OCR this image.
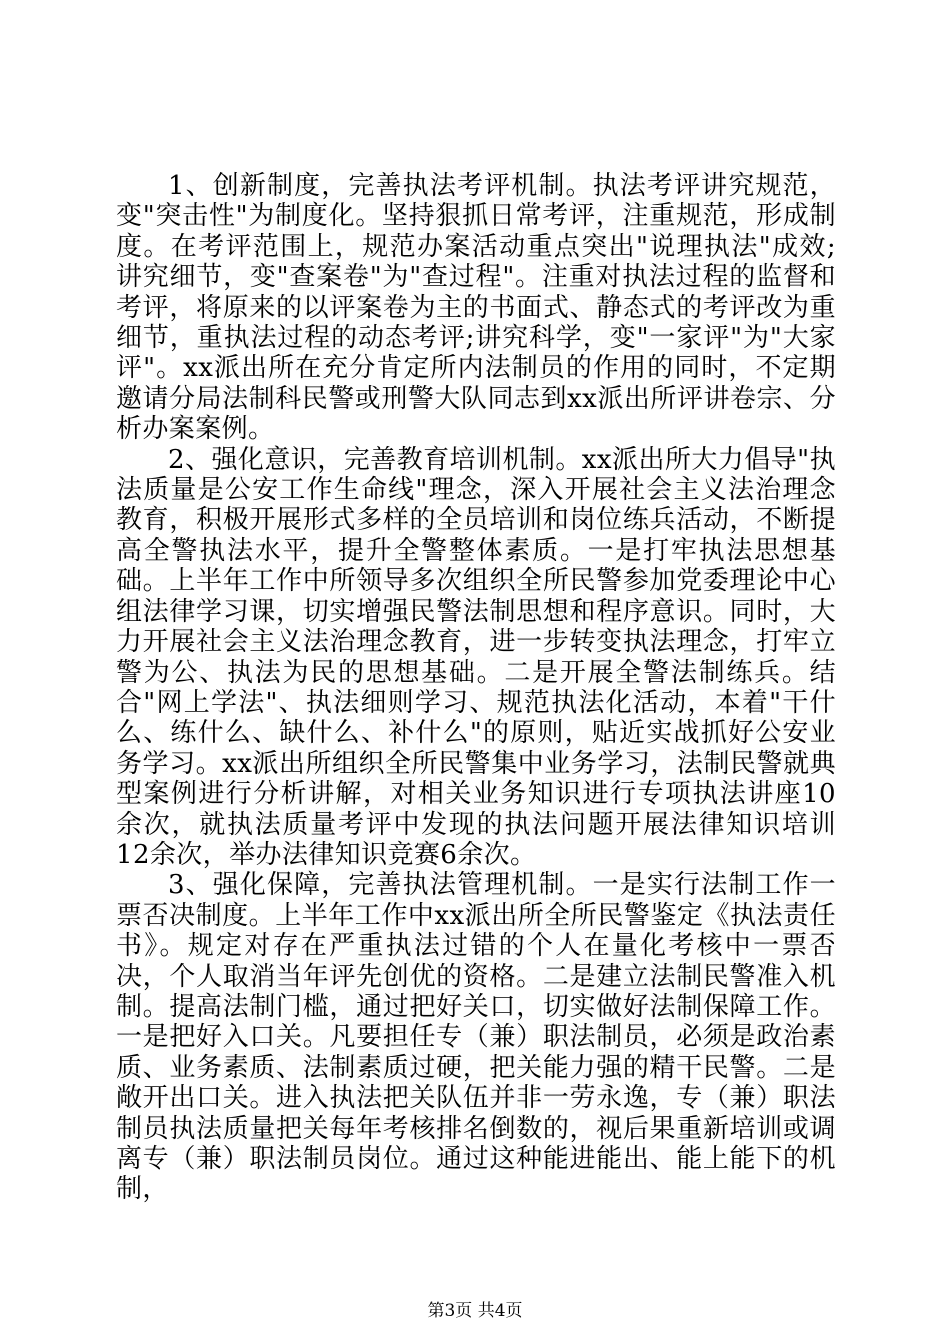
1、创新制度，完善执法考评机制。执法考评讲究规范，变"突击性"为制度化。坚持狠抓日常考评，注重规范，形成制度。在考评范围上，规范办案活动重点突出"说理执法"成效;讲究细节，变"查案卷"为"查过程"。注重对执法过程的监督和考评，将原来的以评案卷为主的书面式、静态式的考评改为重细节，重执法过程的动态考评;讲究科学，变"一家评"为"大家评"。xx派出所在充分肯定所内法制员的作用的同时，不定期邀请分局法制科民警或刑警大队同志到xx派出所评讲卷宗、分析办案案例。

2、强化意识，完善教育培训机制。xx派出所大力倡导"执法质量是公安工作生命线"理念，深入开展社会主义法治理念教育，积极开展形式多样的全员培训和岗位练兵活动，不断提高全警执法水平，提升全警整体素质。一是打牢执法思想基础。上半年工作中所领导多次组织全所民警参加党委理论中心组法律学习课，切实增强民警法制思想和程序意识。同时，大力开展社会主义法治理念教育，进一步转变执法理念，打牢立警为公、执法为民的思想基础。二是开展全警法制练兵。结合"网上学法"、执法细则学习、规范执法化活动，本着"干什么、练什么、缺什么、补什么"的原则，贴近实战抓好公安业务学习。xx派出所组织全所民警集中业务学习，法制民警就典型案例进行分析讲解，对相关业务知识进行专项执法讲座10余次，就执法质量考评中发现的执法问题开展法律知识培训12余次，举办法律知识竞赛6余次。

3、强化保障，完善执法管理机制。一是实行法制工作一票否决制度。上半年工作中xx派出所全所民警鉴定《执法责任书》。规定对存在严重执法过错的个人在量化考核中一票否决，个人取消当年评先创优的资格。二是建立法制民警准入机制。提高法制门槛，通过把好关口，切实做好法制保障工作。一是把好入口关。凡要担任专（兼）职法制员，必须是政治素质、业务素质、法制素质过硬，把关能力强的精干民警。二是敞开出口关。进入执法把关队伍并非一劳永逸，专（兼）职法制员执法质量把关每年考核排名倒数的，视后果重新培训或调离专（兼）职法制员岗位。通过这种能进能出、能上能下的机制，

第3页 共4页
